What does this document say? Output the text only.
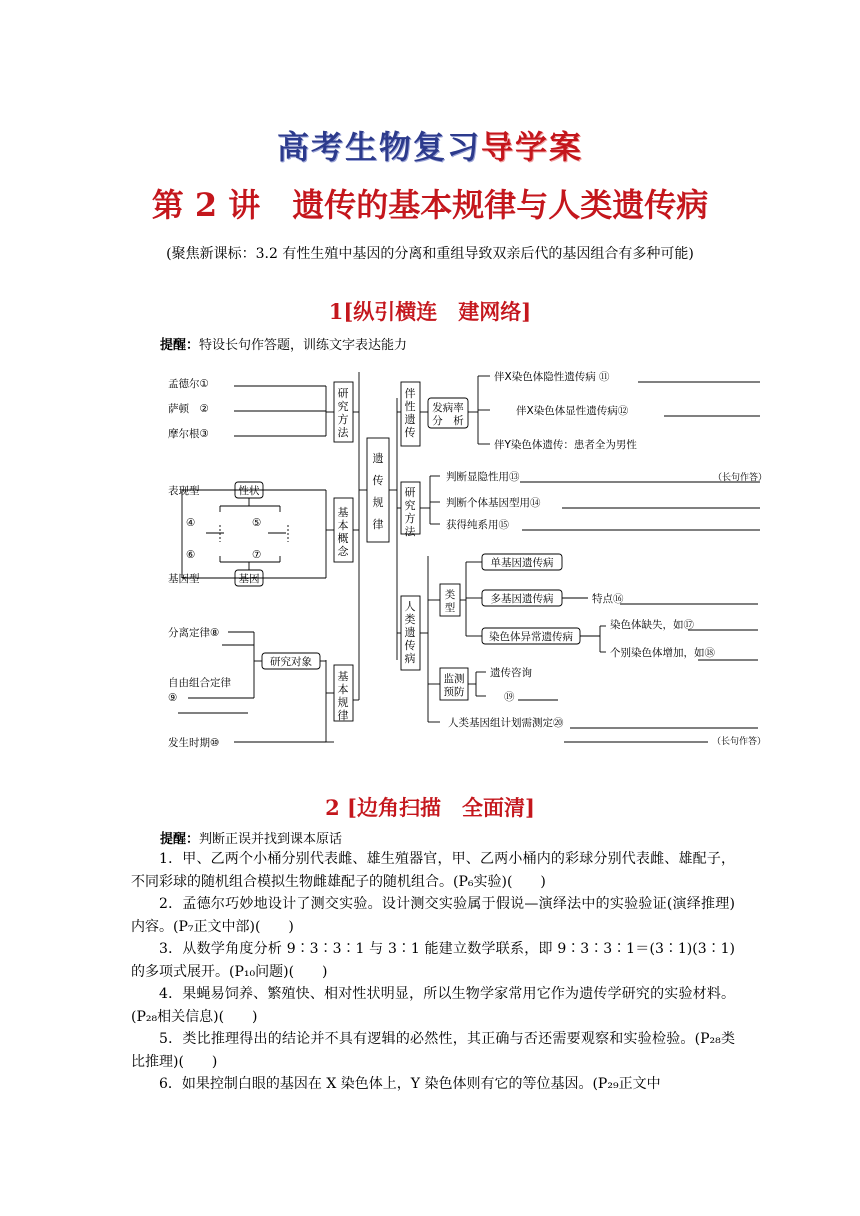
高考生物复习导学案
第 2 讲　遗传的基本规律与人类遗传病
(聚焦新课标：3.2 有性生殖中基因的分离和重组导致双亲后代的基因组合有多种可能)
1[纵引横连　建网络]
提醒：特设长句作答题，训练文字表达能力
遗
传
规
律
孟德尔①
萨顿　②
摩尔根③
研
究
方
法
表现型	性状
基因型	基因
④	⑤
⑥	⑦
基
本
概
念
分离定律⑧
研究对象
自由组合定律
⑨
发生时期⑩
基
本
规
律
伴
性
遗
传
发病率
分　析
伴X染色体隐性遗传病 ⑪
伴X染色体显性遗传病⑫
伴Y染色体遗传：患者全为男性
研
究
方
法
判断显隐性用⑬	（长句作答）
判断个体基因型用⑭
获得纯系用⑮
人
类
遗
传
病
类
型
单基因遗传病
多基因遗传病	特点⑯
染色体异常遗传病
染色体缺失，如⑰
个别染色体增加，如⑱
监测
预防
遗传咨询
⑲
人类基因组计划需测定⑳
（长句作答）
2 [边角扫描　全面清]
提醒：判断正误并找到课本原话

1．甲、乙两个小桶分别代表雌、雄生殖器官，甲、乙两小桶内的彩球分别代表雌、雄配子，不同彩球的随机组合模拟生物雌雄配子的随机组合。(P₆实验)(　　)

2．孟德尔巧妙地设计了测交实验。设计测交实验属于假说—演绎法中的实验验证(演绎推理)内容。(P₇正文中部)(　　)

3．从数学角度分析 9∶3∶3∶1 与 3∶1 能建立数学联系，即 9∶3∶3∶1＝(3∶1)(3∶1)的多项式展开。(P₁₀问题)(　　)

4．果蝇易饲养、繁殖快、相对性状明显，所以生物学家常用它作为遗传学研究的实验材料。(P₂₈相关信息)(　　)

5．类比推理得出的结论并不具有逻辑的必然性，其正确与否还需要观察和实验检验。(P₂₈类比推理)(　　)

6．如果控制白眼的基因在 X 染色体上，Y 染色体则有它的等位基因。(P₂₉正文中
